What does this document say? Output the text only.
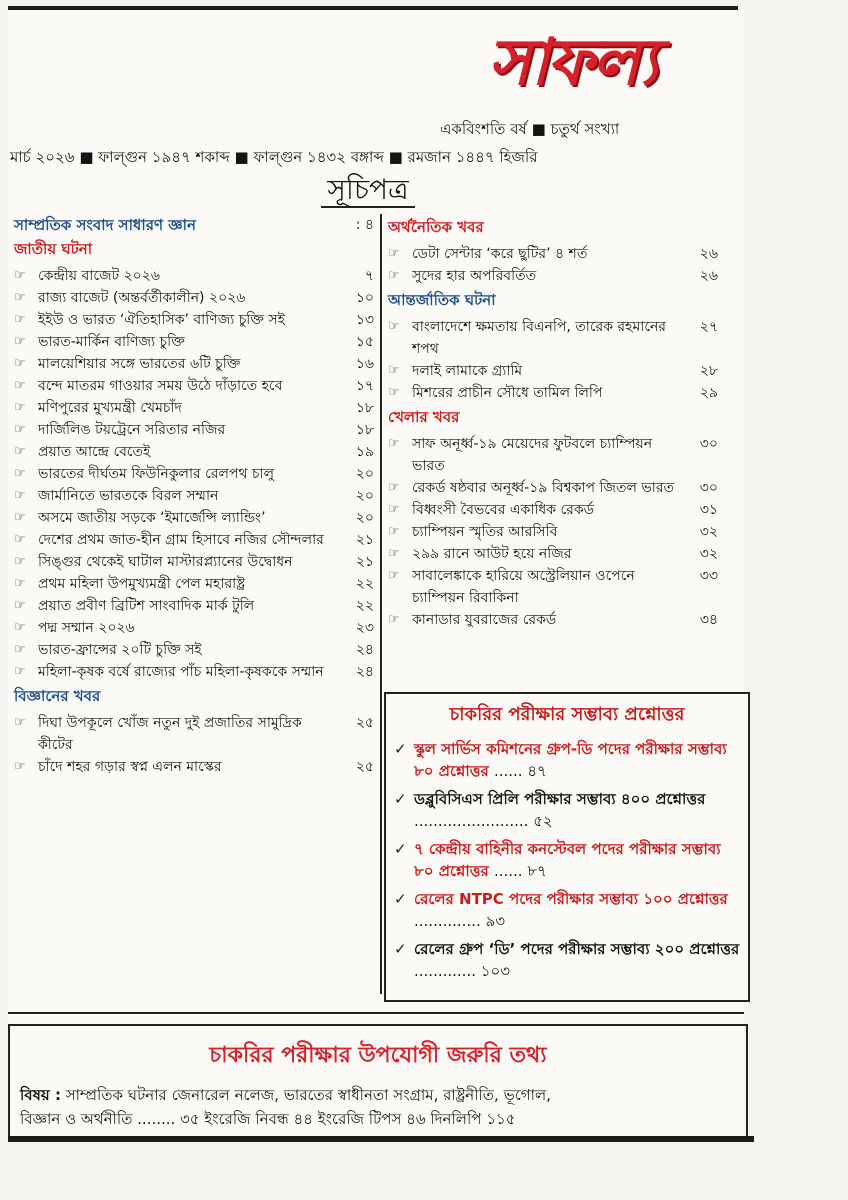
সাফল্য
একবিংশতি বর্ষ ■ চতুর্থ সংখ্যা
মার্চ ২০২৬ ■ ফাল্গুন ১৯৪৭ শকাব্দ ■ ফাল্গুন ১৪৩২ বঙ্গাব্দ ■ রমজান ১৪৪৭ হিজরি
সূচিপত্র
সাম্প্রতিক সংবাদ সাধারণ জ্ঞান	: ৪
জাতীয় ঘটনা
☞ কেন্দ্রীয় বাজেট ২০২৬	৭
☞ রাজ্য বাজেট (অন্তর্বর্তীকালীন) ২০২৬	১০
☞ ইইউ ও ভারত ‘ঐতিহাসিক’ বাণিজ্য চুক্তি সই	১৩
☞ ভারত-মার্কিন বাণিজ্য চুক্তি	১৫
☞ মালয়েশিয়ার সঙ্গে ভারতের ৬টি চুক্তি	১৬
☞ বন্দে মাতরম গাওয়ার সময় উঠে দাঁড়াতে হবে	১৭
☞ মণিপুরের মুখ্যমন্ত্রী খেমচাঁদ	১৮
☞ দার্জিলিঙ টয়ট্রেনে সরিতার নজির	১৮
☞ প্রয়াত আন্দ্রে বেতেই	১৯
☞ ভারতের দীর্ঘতম ফিউনিকুলার রেলপথ চালু	২০
☞ জার্মানিতে ভারতকে বিরল সম্মান	২০
☞ অসমে জাতীয় সড়কে ‘ইমার্জেন্সি ল্যান্ডিং’	২০
☞ দেশের প্রথম জাত-হীন গ্রাম হিসাবে নজির সৌন্দলার	২১
☞ সিঙ্গুর থেকেই ঘাটাল মাস্টারপ্ল্যানের উদ্বোধন	২১
☞ প্রথম মহিলা উপমুখ্যমন্ত্রী পেল মহারাষ্ট্র	২২
☞ প্রয়াত প্রবীণ ব্রিটিশ সাংবাদিক মার্ক টুলি	২২
☞ পদ্ম সম্মান ২০২৬	২৩
☞ ভারত-ফ্রান্সের ২০টি চুক্তি সই	২৪
☞ মহিলা-কৃষক বর্ষে রাজ্যের পাঁচ মহিলা-কৃষককে সম্মান	২৪
বিজ্ঞানের খবর
☞ দিঘা উপকূলে খোঁজ নতুন দুই প্রজাতির সামুদ্রিক কীটের
২৫
☞ চাঁদে শহর গড়ার স্বপ্ন এলন মাস্কের	২৫
অর্থনৈতিক খবর
☞ ডেটা সেন্টার ‘করে ছুটির’ ৪ শর্ত	২৬
☞ সুদের হার অপরিবর্তিত	২৬
আন্তর্জাতিক ঘটনা
☞ বাংলাদেশে ক্ষমতায় বিএনপি, তারেক রহমানের শপথ
২৭
☞ দলাই লামাকে গ্র্যামি	২৮
☞ মিশরের প্রাচীন সৌধে তামিল লিপি	২৯
খেলার খবর
☞ সাফ অনূর্ধ্ব-১৯ মেয়েদের ফুটবলে চ্যাম্পিয়ন ভারত
৩০
☞ রেকর্ড ষষ্ঠবার অনূর্ধ্ব-১৯ বিশ্বকাপ জিতল ভারত	৩০
☞ বিধ্বংসী বৈভবের একাধিক রেকর্ড	৩১
☞ চ্যাম্পিয়ন স্মৃতির আরসিবি	৩২
☞ ২৯৯ রানে আউট হয়ে নজির	৩২
☞ সাবালেঙ্কাকে হারিয়ে অস্ট্রেলিয়ান ওপেনে চ্যাম্পিয়ন রিবাকিনা
৩৩
☞ কানাডার যুবরাজের রেকর্ড	৩৪
চাকরির পরীক্ষার সম্ভাব্য প্রশ্নোত্তর
✓ স্কুল সার্ভিস কমিশনের গ্রুপ-ডি পদের পরীক্ষার সম্ভাব্য ৮০ প্রশ্নোত্তর ...... ৪৭
✓ ডব্লুবিসিএস প্রিলি পরীক্ষার সম্ভাব্য ৪০০ প্রশ্নোত্তর ........................ ৫২
✓ ৭ কেন্দ্রীয় বাহিনীর কনস্টেবল পদের পরীক্ষার সম্ভাব্য ৮০ প্রশ্নোত্তর ...... ৮৭
✓ রেলের NTPC পদের পরীক্ষার সম্ভাব্য ১০০ প্রশ্নোত্তর .............. ৯৩
✓ রেলের গ্রুপ ‘ডি’ পদের পরীক্ষার সম্ভাব্য ২০০ প্রশ্নোত্তর ............. ১০৩
চাকরির পরীক্ষার উপযোগী জরুরি তথ্য
বিষয় : সাম্প্রতিক ঘটনার জেনারেল নলেজ, ভারতের স্বাধীনতা সংগ্রাম, রাষ্ট্রনীতি, ভূগোল,
বিজ্ঞান ও অর্থনীতি ........ ৩৫ ইংরেজি নিবন্ধ ৪৪ ইংরেজি টিপস ৪৬ দিনলিপি ১১৫
